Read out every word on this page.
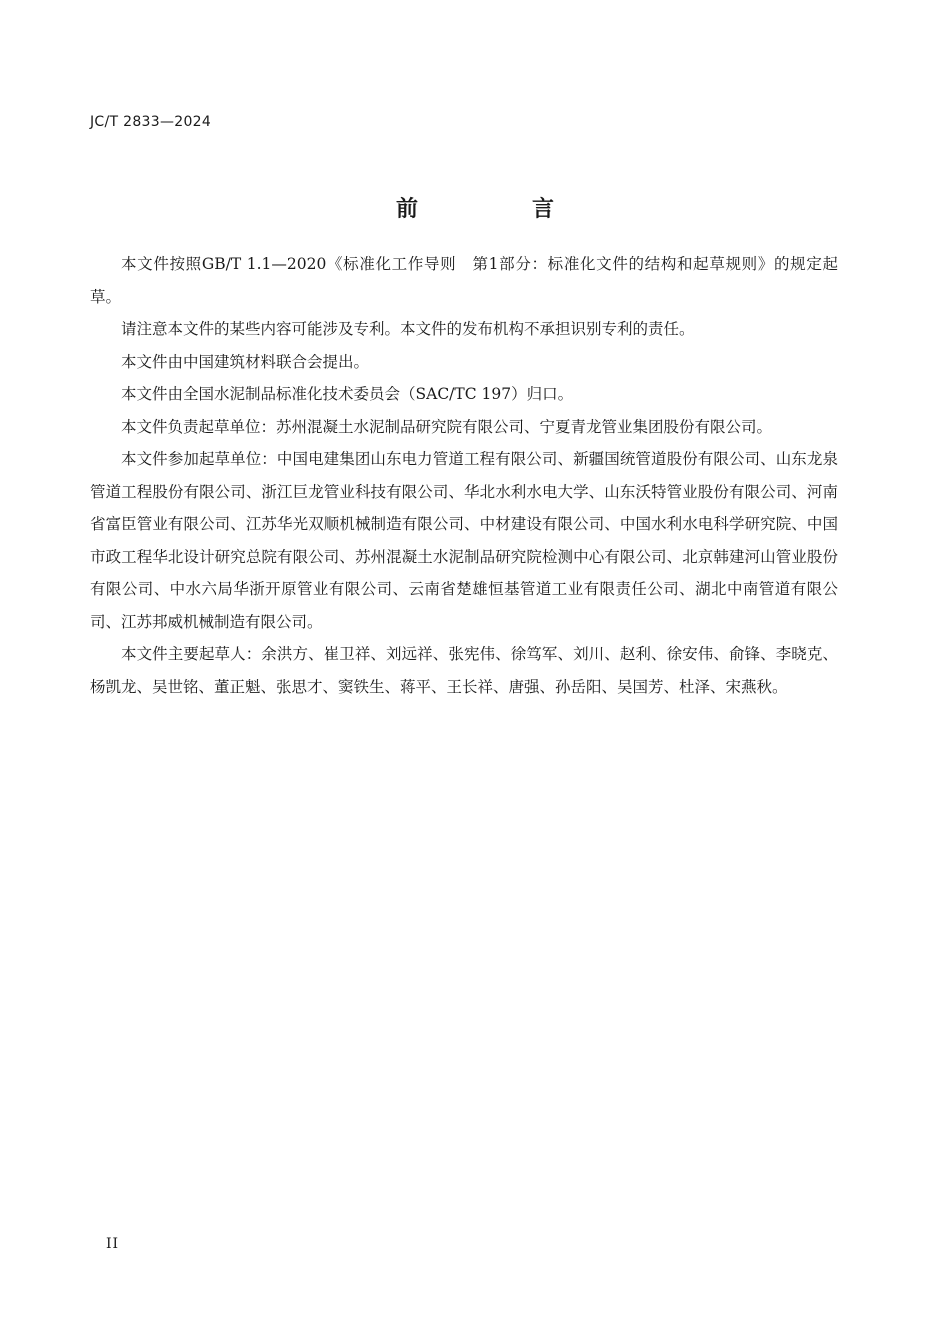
JC/T 2833—2024
前　言

本文件按照GB/T 1.1—2020《标准化工作导则　第1部分：标准化文件的结构和起草规则》的规定起草。

请注意本文件的某些内容可能涉及专利。本文件的发布机构不承担识别专利的责任。

本文件由中国建筑材料联合会提出。

本文件由全国水泥制品标准化技术委员会（SAC/TC 197）归口。

本文件负责起草单位：苏州混凝土水泥制品研究院有限公司、宁夏青龙管业集团股份有限公司。

本文件参加起草单位：中国电建集团山东电力管道工程有限公司、新疆国统管道股份有限公司、山东龙泉管道工程股份有限公司、浙江巨龙管业科技有限公司、华北水利水电大学、山东沃特管业股份有限公司、河南省富臣管业有限公司、江苏华光双顺机械制造有限公司、中材建设有限公司、中国水利水电科学研究院、中国市政工程华北设计研究总院有限公司、苏州混凝土水泥制品研究院检测中心有限公司、北京韩建河山管业股份有限公司、中水六局华浙开原管业有限公司、云南省楚雄恒基管道工业有限责任公司、湖北中南管道有限公司、江苏邦威机械制造有限公司。

本文件主要起草人：余洪方、崔卫祥、刘远祥、张宪伟、徐笃军、刘川、赵利、徐安伟、俞锋、李晓克、杨凯龙、吴世铭、董正魁、张思才、窦铁生、蒋平、王长祥、唐强、孙岳阳、吴国芳、杜泽、宋燕秋。

II
